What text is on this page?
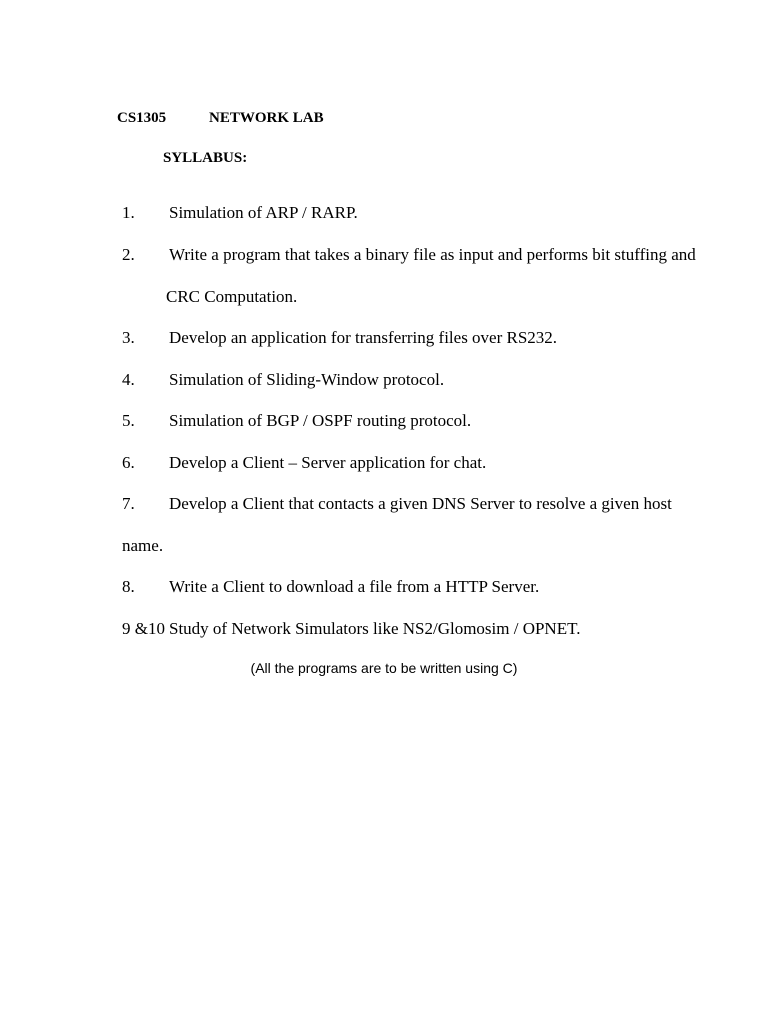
CS1305	NETWORK LAB
SYLLABUS:
1. Simulation of ARP / RARP.
2. Write a program that takes a binary file as input and performs bit stuffing and
CRC Computation.
3. Develop an application for transferring files over RS232.
4. Simulation of Sliding-Window protocol.
5. Simulation of BGP / OSPF routing protocol.
6. Develop a Client – Server application for chat.
7. Develop a Client that contacts a given DNS Server to resolve a given host
name.
8. Write a Client to download a file from a HTTP Server.
9 &10 Study of Network Simulators like NS2/Glomosim / OPNET.
(All the programs are to be written using C)
